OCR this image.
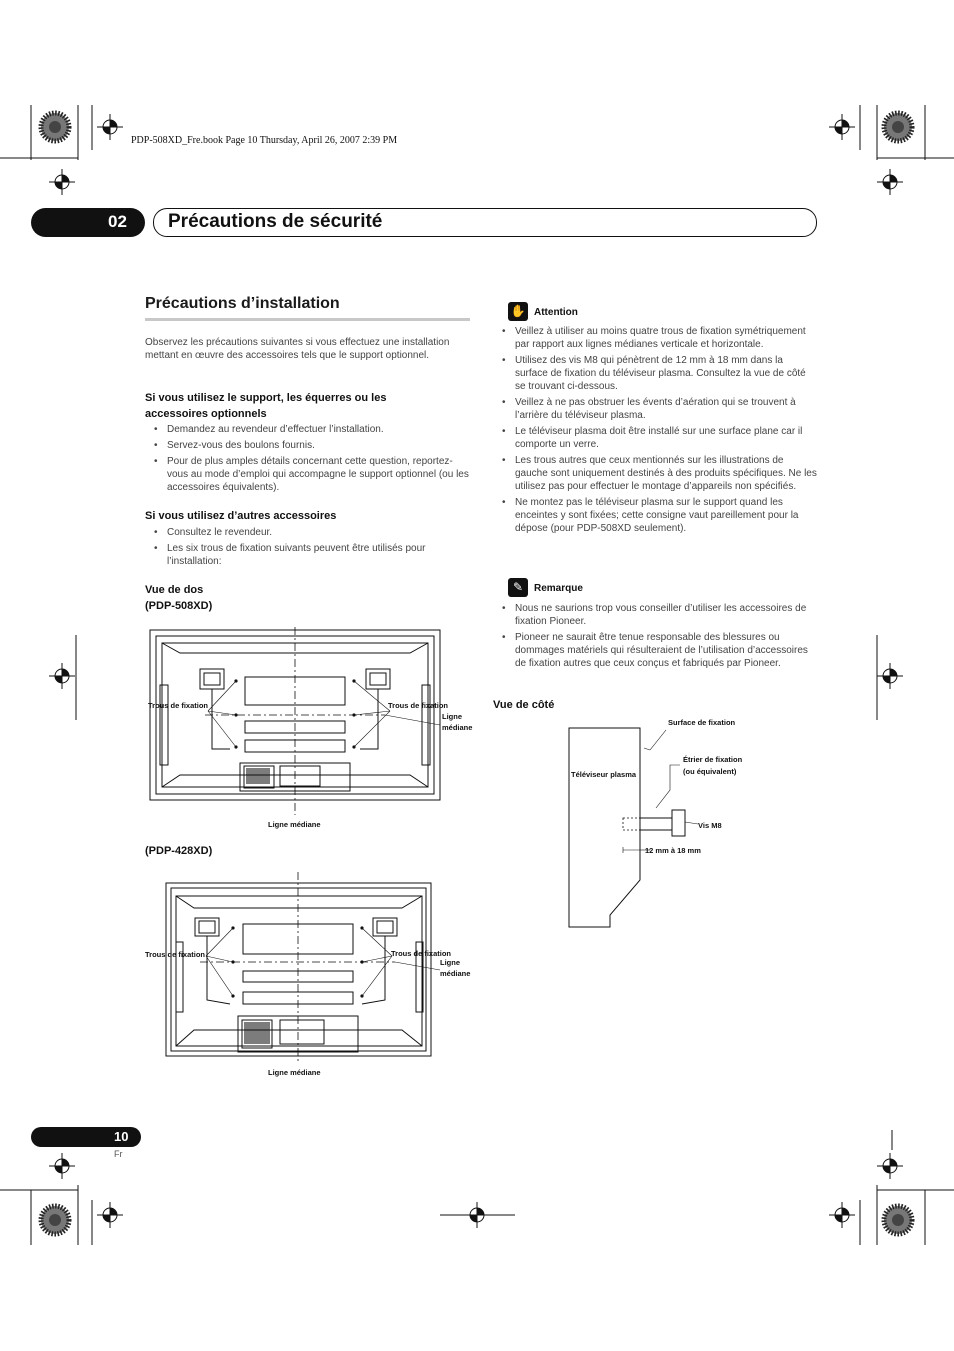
PDP-508XD_Fre.book Page 10 Thursday, April 26, 2007 2:39 PM
02 Précautions de sécurité
Précautions d’installation
Observez les précautions suivantes si vous effectuez une installation mettant en œuvre des accessoires tels que le support optionnel.
Si vous utilisez le support, les équerres ou les accessoires optionnels
• Demandez au revendeur d’effectuer l’installation.
• Servez-vous des boulons fournis.
• Pour de plus amples détails concernant cette question, reportez-vous au mode d’emploi qui accompagne le support optionnel (ou les accessoires équivalents).
Si vous utilisez d’autres accessoires
• Consultez le revendeur.
• Les six trous de fixation suivants peuvent être utilisés pour l’installation:
Vue de dos
(PDP-508XD)
Trous de fixation	Trous de fixation
Ligne
médiane
Ligne médiane
(PDP-428XD)
Trous de fixation	Trous de fixation
Ligne
médiane
Ligne médiane
✋ Attention
• Veillez à utiliser au moins quatre trous de fixation symétriquement par rapport aux lignes médianes verticale et horizontale.
• Utilisez des vis M8 qui pénètrent de 12 mm à 18 mm dans la surface de fixation du téléviseur plasma. Consultez la vue de côté se trouvant ci-dessous.
• Veillez à ne pas obstruer les évents d’aération qui se trouvent à l’arrière du téléviseur plasma.
• Le téléviseur plasma doit être installé sur une surface plane car il comporte un verre.
• Les trous autres que ceux mentionnés sur les illustrations de gauche sont uniquement destinés à des produits spécifiques. Ne les utilisez pas pour effectuer le montage d’appareils non spécifiés.
• Ne montez pas le téléviseur plasma sur le support quand les enceintes y sont fixées; cette consigne vaut pareillement pour la dépose (pour PDP-508XD seulement).
✎	Remarque
• Nous ne saurions trop vous conseiller d’utiliser les accessoires de fixation Pioneer.
• Pioneer ne saurait être tenue responsable des blessures ou dommages matériels qui résulteraient de l’utilisation d’accessoires de fixation autres que ceux conçus et fabriqués par Pioneer.
Vue de côté
Surface de fixation
Téléviseur plasma
Étrier de fixation
(ou équivalent)
Vis M8
12 mm à 18 mm
10
Fr
